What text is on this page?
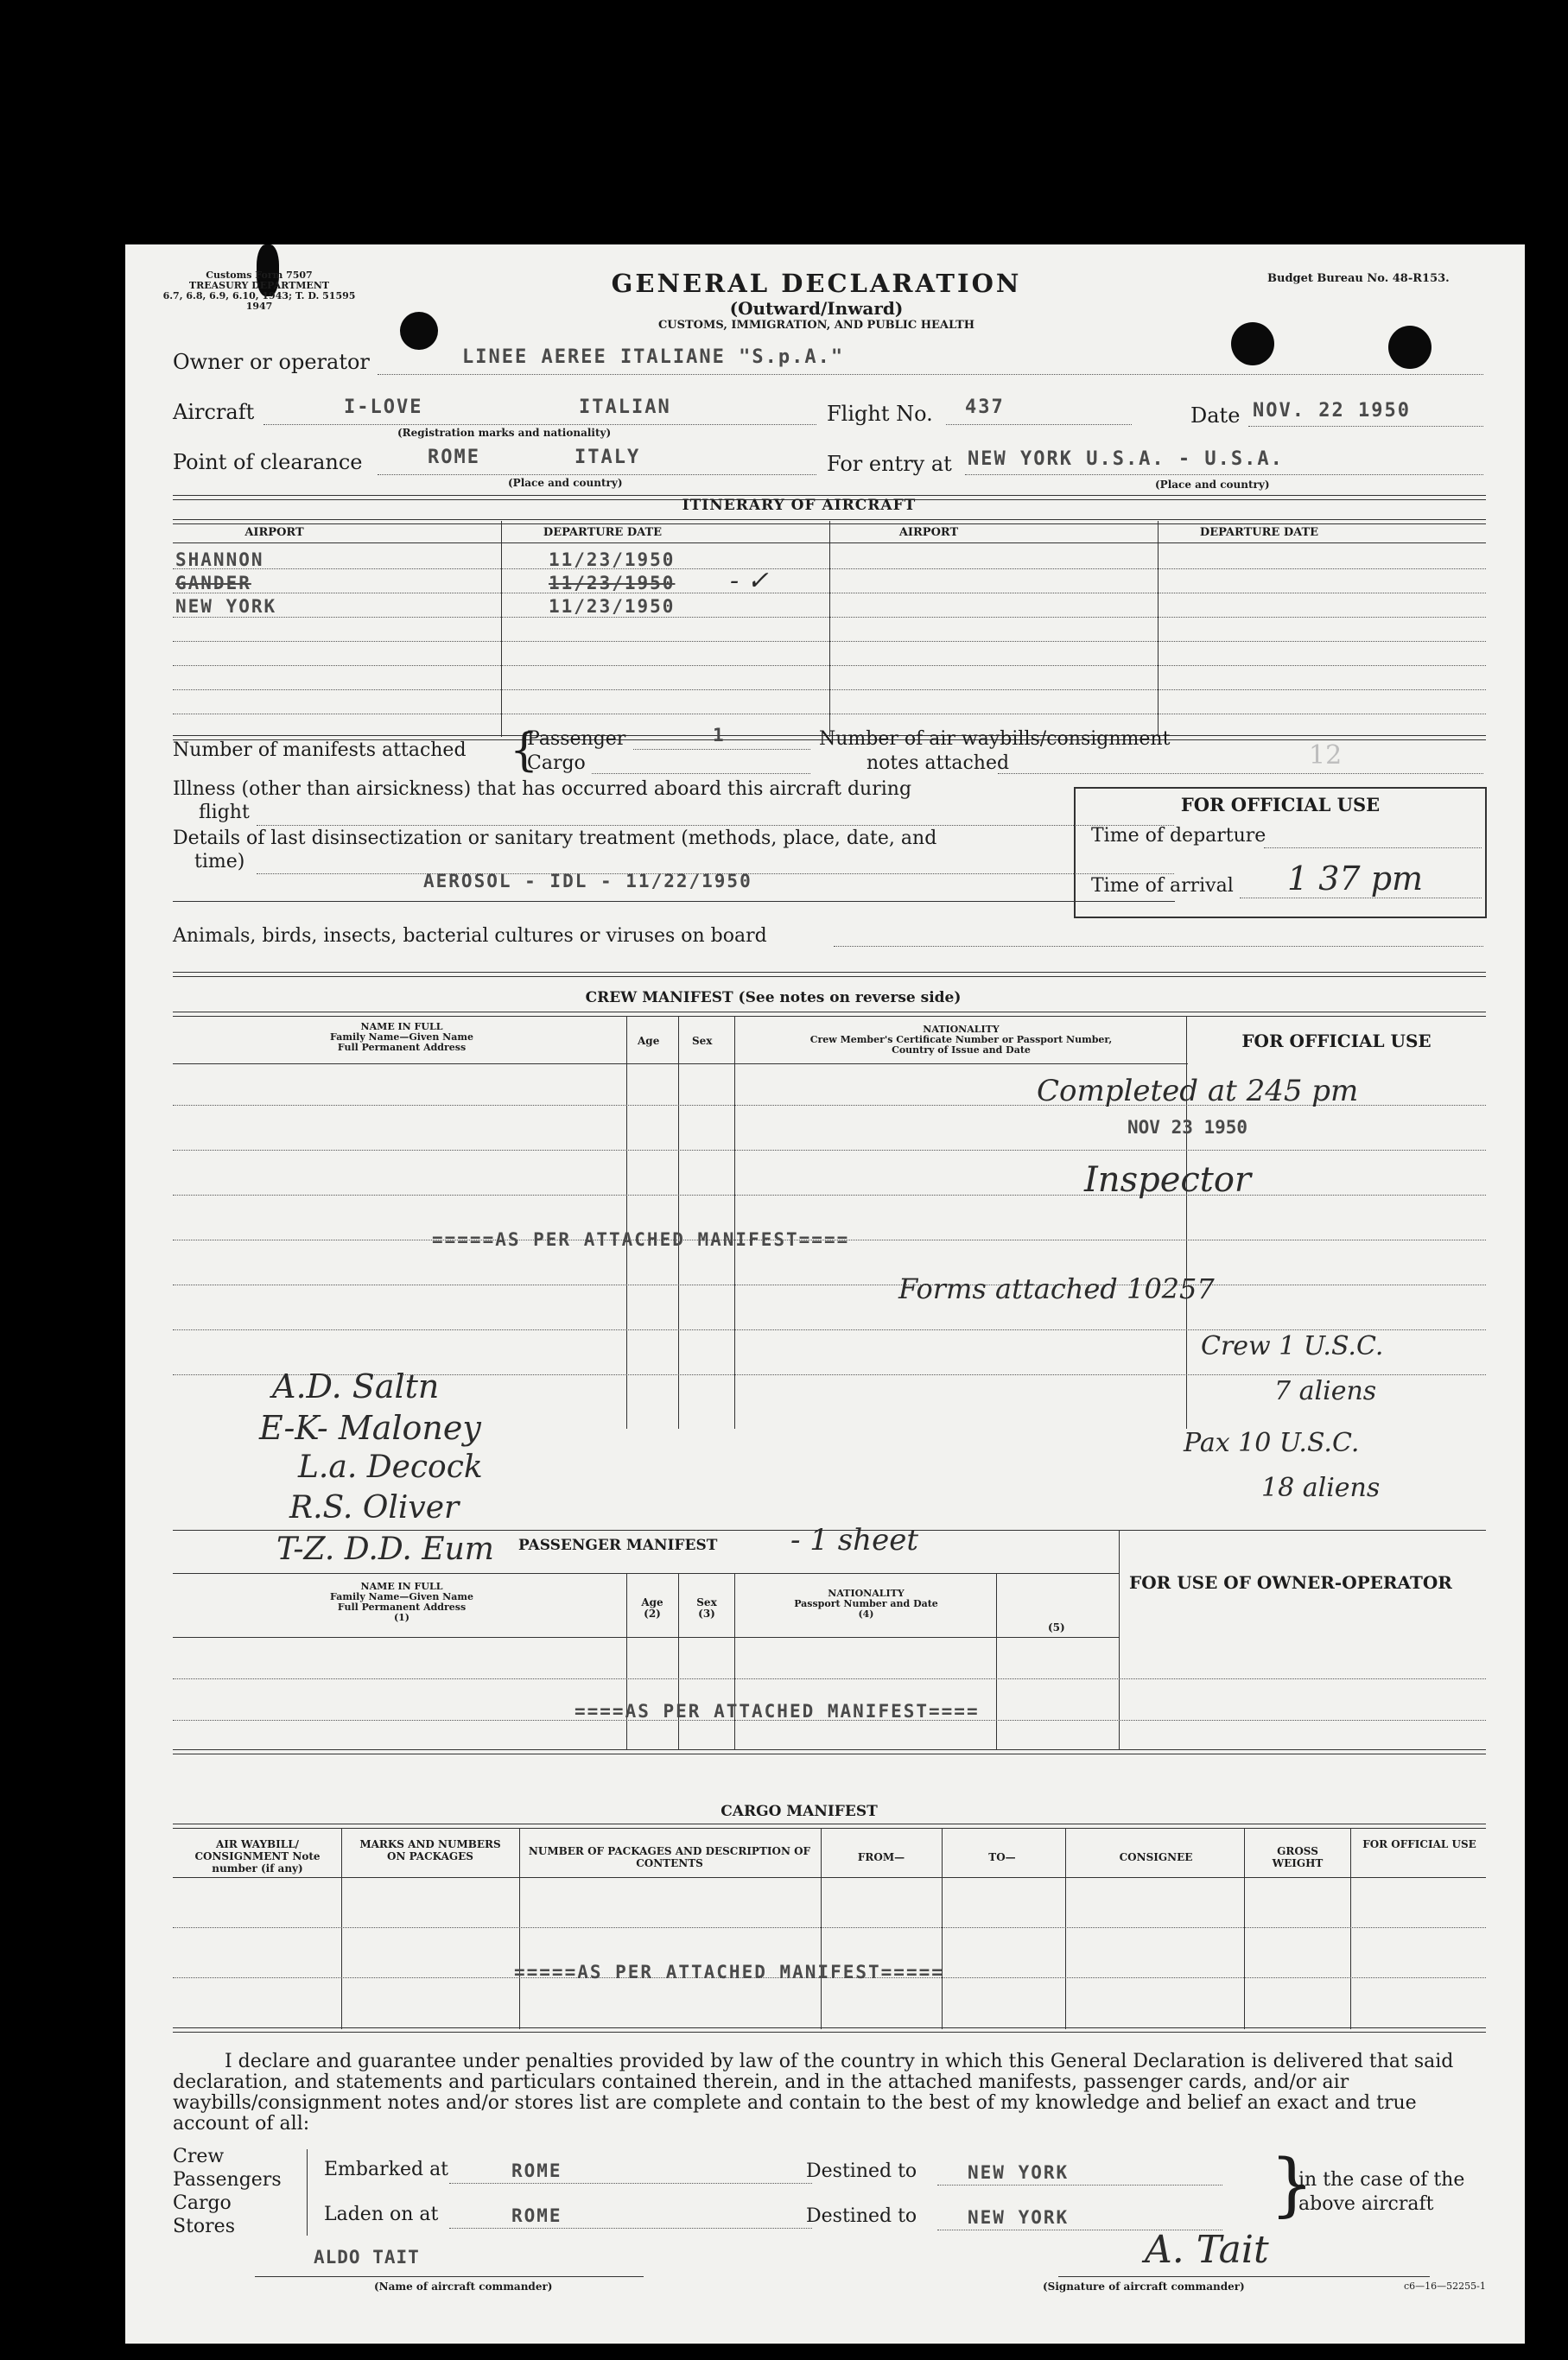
Customs Form 7507
TREASURY DEPARTMENT
6.7, 6.8, 6.9, 6.10, 1943; T. D. 51595
1947
GENERAL DECLARATION
(Outward/Inward)
CUSTOMS, IMMIGRATION, AND PUBLIC HEALTH
Budget Bureau No. 48-R153.
Owner or operator	LINEE AEREE ITALIANE "S.p.A."
Aircraft	I-LOVE	ITALIAN
(Registration marks and nationality)
Flight No. 437	Date NOV. 22 1950
Point of clearance	ROME	ITALY
(Place and country)
For entry at NEW YORK U.S.A. - U.S.A.
(Place and country)
ITINERARY OF AIRCRAFT
AIRPORT	DEPARTURE DATE	AIRPORT	DEPARTURE DATE
SHANNON	11/23/1950
GANDER	11/23/1950 - ✓
NEW YORK	11/23/1950
Number of manifests attached {
Passenger	1
Cargo
Number of air waybills/consignment
notes attached	12
Illness (other than airsickness) that has occurred aboard this aircraft during
flight
Details of last disinsectization or sanitary treatment (methods, place, date, and
time)
AEROSOL - IDL - 11/22/1950
Animals, birds, insects, bacterial cultures or viruses on board
FOR OFFICIAL USE
Time of departure
Time of arrival 1 37 pm
CREW MANIFEST (See notes on reverse side)
NAME IN FULL
Family Name—Given Name
Full Permanent Address
Age	Sex
NATIONALITY
Crew Member's Certificate Number or Passport Number,
Country of Issue and Date	FOR OFFICIAL USE
=====AS PER ATTACHED MANIFEST====
Completed at 245 pm
NOV 23 1950
Inspector
Forms attached 10257
Crew 1 U.S.C.
7 aliens
Pax 10 U.S.C.
18 aliens
A.D. Saltn
E-K- Maloney
L.a. Decock
R.S. Oliver
T-Z. D.D. Eum PASSENGER MANIFEST - 1 sheet
FOR USE OF OWNER-OPERATOR
NAME IN FULL
Family Name—Given Name
Full Permanent Address
(1)
Age
(2)
Sex
(3)
NATIONALITY
Passport Number and Date
(4)
(5)
====AS PER ATTACHED MANIFEST====
CARGO MANIFEST
AIR WAYBILL/ CONSIGNMENT Note number (if any)
MARKS AND NUMBERS ON PACKAGES	NUMBER OF PACKAGES AND DESCRIPTION OF CONTENTS	FROM—	TO—	CONSIGNEE	GROSS WEIGHT
FOR OFFICIAL USE
=====AS PER ATTACHED MANIFEST=====
I declare and guarantee under penalties provided by law of the country in which this General Declaration is delivered that said declaration, and statements and particulars contained therein, and in the attached manifests, passenger cards, and/or air waybills/consignment notes and/or stores list are complete and contain to the best of my knowledge and belief an exact and true account of all:
Crew
Passengers
Cargo
Stores
Embarked at	ROME
Laden on at	ROME
Destined to	NEW YORK
Destined to	NEW YORK	}
in the case of the
above aircraft
ALDO TAIT
(Name of aircraft commander)
A. Tait
(Signature of aircraft commander)	c6—16—52255-1
